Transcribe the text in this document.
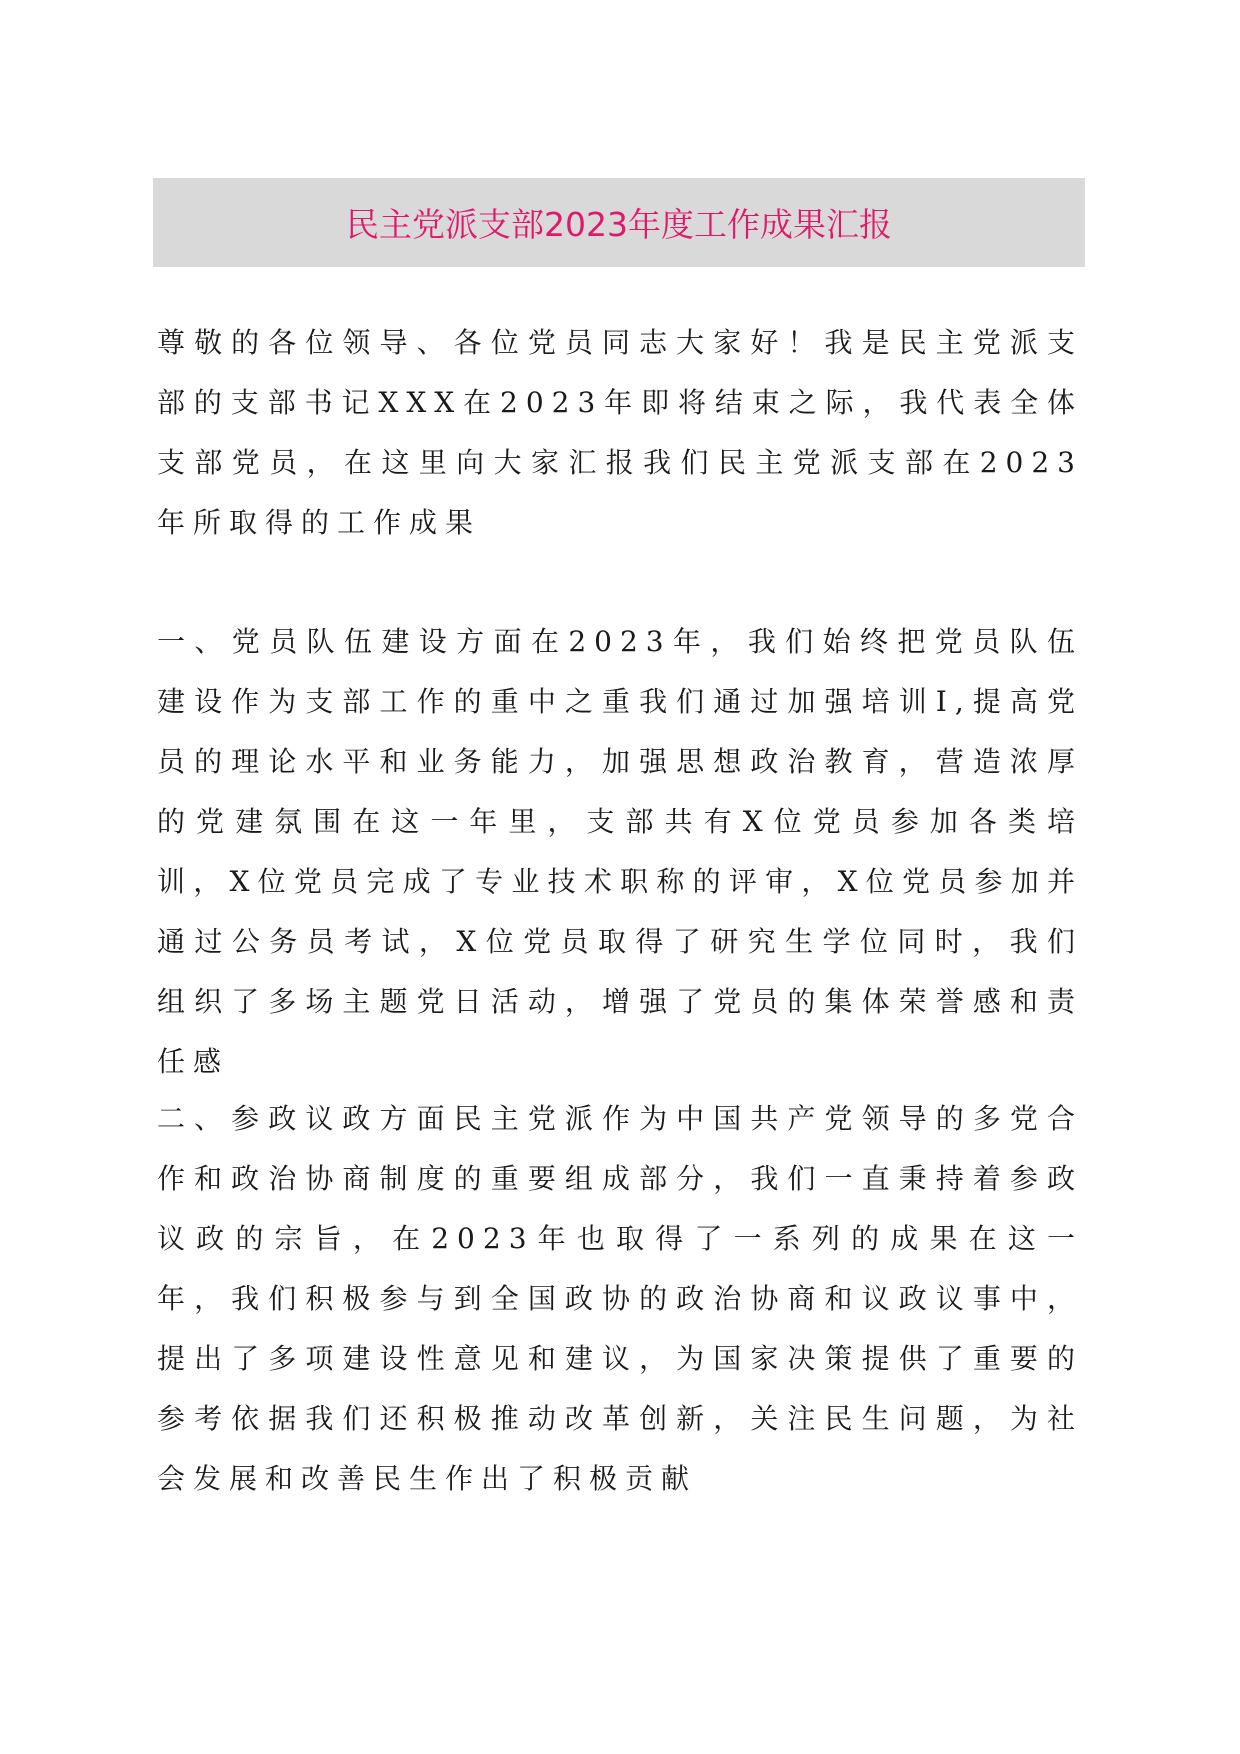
民主党派支部2023年度工作成果汇报

尊敬的各位领导、各位党员同志大家好！我是民主党派支部的支部书记XXX在2023年即将结束之际，我代表全体支部党员，在这里向大家汇报我们民主党派支部在2023年所取得的工作成果

一、党员队伍建设方面在2023年，我们始终把党员队伍建设作为支部工作的重中之重我们通过加强培训I,提高党员的理论水平和业务能力，加强思想政治教育，营造浓厚的党建氛围在这一年里，支部共有X位党员参加各类培训，X位党员完成了专业技术职称的评审，X位党员参加并通过公务员考试，X位党员取得了研究生学位同时，我们组织了多场主题党日活动，增强了党员的集体荣誉感和责任感

二、参政议政方面民主党派作为中国共产党领导的多党合作和政治协商制度的重要组成部分，我们一直秉持着参政议政的宗旨，在2023年也取得了一系列的成果在这一年，我们积极参与到全国政协的政治协商和议政议事中，提出了多项建设性意见和建议，为国家决策提供了重要的参考依据我们还积极推动改革创新，关注民生问题，为社会发展和改善民生作出了积极贡献
